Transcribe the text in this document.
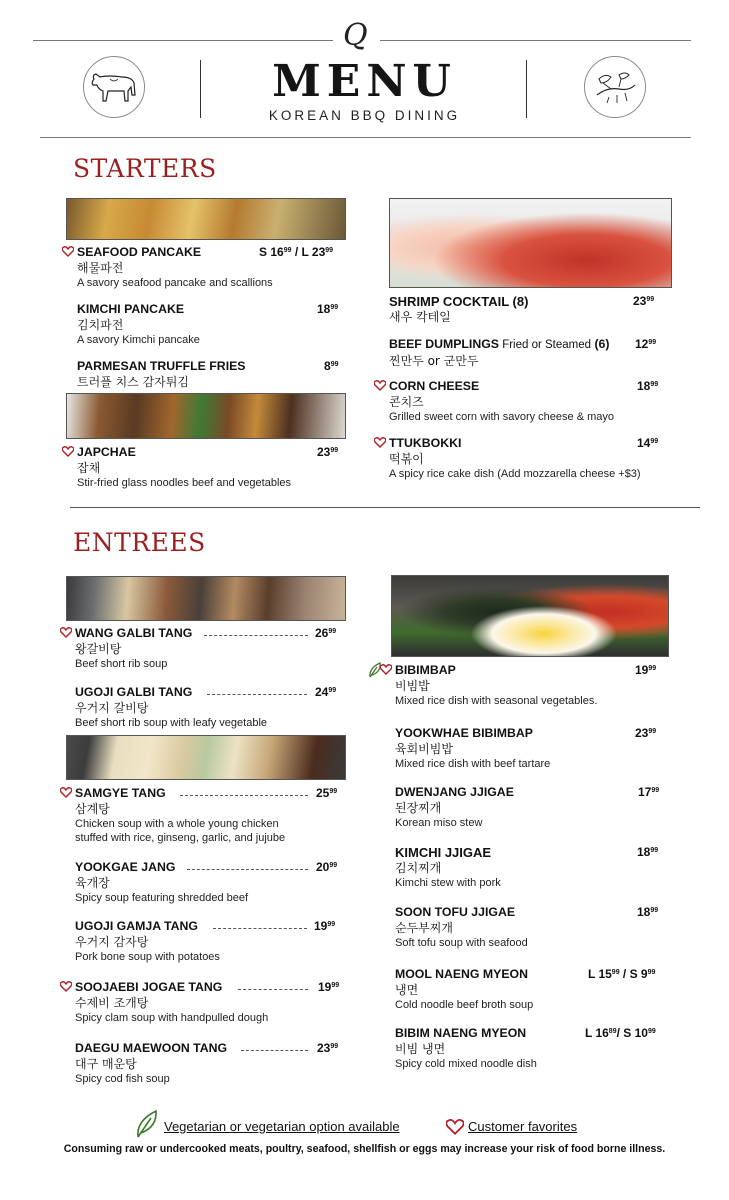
Q
MENU
KOREAN BBQ DINING
STARTERS
SEAFOOD PANCAKE	S $16^{99}$ / L $23^{99}$
해물파전
A savory seafood pancake and scallions
KIMCHI PANCAKE	$18^{99}$
김치파전
A savory Kimchi pancake
PARMESAN TRUFFLE FRIES	$8^{99}$
트러플 치스 감자튀김
JAPCHAE	$23^{99}$
잡채
Stir-fried glass noodles beef and vegetables
SHRIMP COCKTAIL (8)	$23^{99}$
새우 칵테일
BEEF DUMPLINGS Fried or Steamed (6)	$12^{99}$
찐만두 or 군만두
CORN CHEESE	$18^{99}$
콘치즈
Grilled sweet corn with savory cheese & mayo
TTUKBOKKI	$14^{99}$
떡볶이
A spicy rice cake dish (Add mozzarella cheese +$3)
ENTREES
WANG GALBI TANG	$26^{99}$
왕갈비탕
Beef short rib soup
UGOJI GALBI TANG	$24^{99}$
우거지 갈비탕
Beef short rib soup with leafy vegetable
SAMGYE TANG	$25^{99}$
삼계탕
Chicken soup with a whole young chicken
stuffed with rice, ginseng, garlic, and jujube
YOOKGAE JANG	$20^{99}$
육개장
Spicy soup featuring shredded beef
UGOJI GAMJA TANG	$19^{99}$
우거지 감자탕
Pork bone soup with potatoes
SOOJAEBI JOGAE TANG	$19^{99}$
수제비 조개탕
Spicy clam soup with handpulled dough
DAEGU MAEWOON TANG	$23^{99}$
대구 매운탕
Spicy cod fish soup
BIBIMBAP	$19^{99}$
비빔밥
Mixed rice dish with seasonal vegetables.
YOOKWHAE BIBIMBAP	$23^{99}$
육회비빔밥
Mixed rice dish with beef tartare
DWENJANG JJIGAE	$17^{99}$
된장찌개
Korean miso stew
KIMCHI JJIGAE	$18^{99}$
김치찌개
Kimchi stew with pork
SOON TOFU JJIGAE	$18^{99}$
순두부찌개
Soft tofu soup with seafood
MOOL NAENG MYEON	L $15^{99}$ / S $9^{99}$
냉면
Cold noodle beef broth soup
BIBIM NAENG MYEON	L $16^{89}/$ S $10^{99}$
비빔 냉면
Spicy cold mixed noodle dish
Vegetarian or vegetarian option available	Customer favorites
Consuming raw or undercooked meats, poultry, seafood, shellfish or eggs may increase your risk of food borne illness.
